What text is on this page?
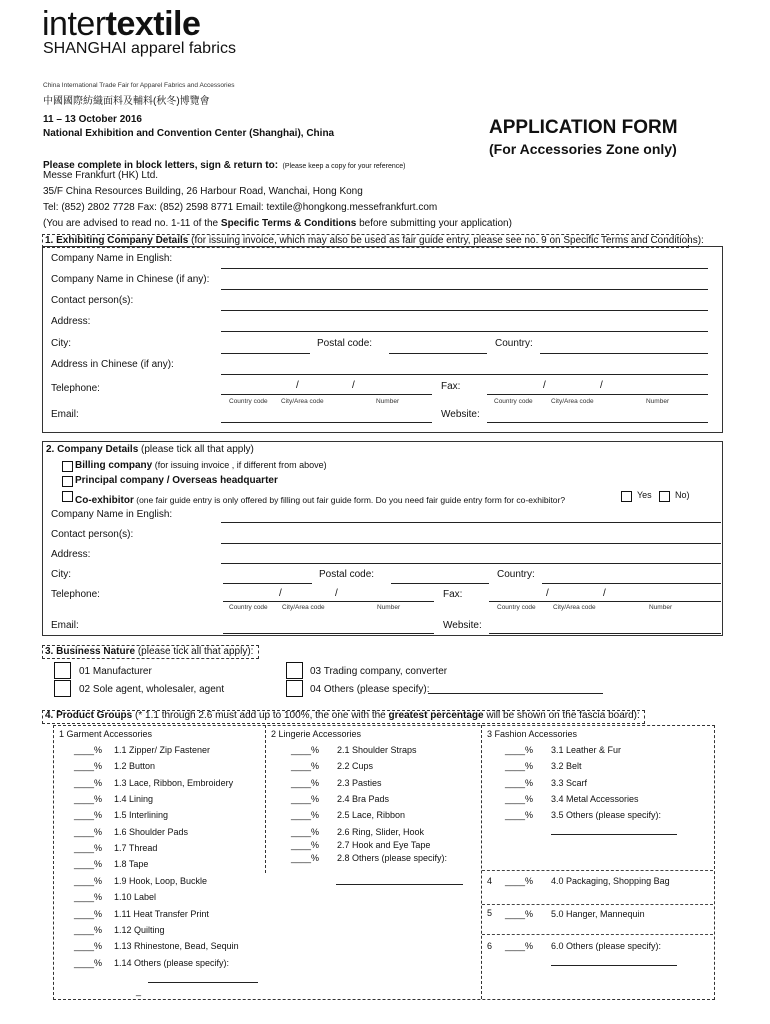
intertextile
SHANGHAI apparel fabrics
China International Trade Fair for Apparel Fabrics and Accessories
中國國際紡織面料及輔料(秋冬)博覽會
11 – 13 October 2016
National Exhibition and Convention Center (Shanghai), China	APPLICATION FORM
(For Accessories Zone only)
Please complete in block letters, sign & return to: (Please keep a copy for your reference)
Messe Frankfurt (HK) Ltd.
35/F China Resources Building, 26 Harbour Road, Wanchai, Hong Kong
Tel: (852) 2802 7728 Fax: (852) 2598 8771 Email: textile@hongkong.messefrankfurt.com
(You are advised to read no. 1-11 of the Specific Terms & Conditions before submitting your application)
1. Exhibiting Company Details (for issuing invoice, which may also be used as fair guide entry, please see no. 9 on Specific Terms and Conditions):
Company Name in English:
Company Name in Chinese (if any):
Contact person(s):
Address:
City:	Postal code:	Country:
Address in Chinese (if any):
Telephone:	/	/	Fax:	/	/
Country code City/Area code	Number	Country code	City/Area code	Number
Email:	Website:
2. Company Details (please tick all that apply)
Billing company (for issuing invoice , if different from above)
Principal company / Overseas headquarter
Co-exhibitor (one fair guide entry is only offered by filling out fair guide form. Do you need fair guide entry form for co-exhibitor?	Yes	No)
Company Name in English:
Contact person(s):
Address:
City:	Postal code:	Country:
Telephone:	/	/	Fax:	/	/
Country code City/Area code	Number	Country code	City/Area code	Number
Email:	Website:
3. Business Nature (please tick all that apply):
01 Manufacturer
02 Sole agent, wholesaler, agent
03 Trading company, converter
04 Others (please specify):
4. Product Groups (* 1.1 through 2.6 must add up to 100%, the one with the greatest percentage will be shown on the fascia board):
1 Garment Accessories	2 Lingerie Accessories	3 Fashion Accessories
____% 1.1 Zipper/ Zip Fastener
____% 1.2 Button
____% 1.3 Lace, Ribbon, Embroidery
____% 1.4 Lining
____% 1.5 Interlining
____% 1.6 Shoulder Pads
____% 1.7 Thread
____% 1.8 Tape
____% 1.9 Hook, Loop, Buckle
____% 1.10 Label
____% 1.11 Heat Transfer Print
____% 1.12 Quilting
____% 1.13 Rhinestone, Bead, Sequin
____% 1.14 Others (please specify):
____% 2.1 Shoulder Straps
____% 2.2 Cups
____% 2.3 Pasties
____% 2.4 Bra Pads
____% 2.5 Lace, Ribbon
____% 2.6 Ring, Slider, Hook
____% 2.7 Hook and Eye Tape
____% 2.8 Others (please specify):
____% 3.1 Leather & Fur
____% 3.2 Belt
____% 3.3 Scarf
____% 3.4 Metal Accessories
____% 3.5 Others (please specify):
_
4 ____% 4.0 Packaging, Shopping Bag
5 ____% 5.0 Hanger, Mannequin
6 ____% 6.0 Others (please specify):
